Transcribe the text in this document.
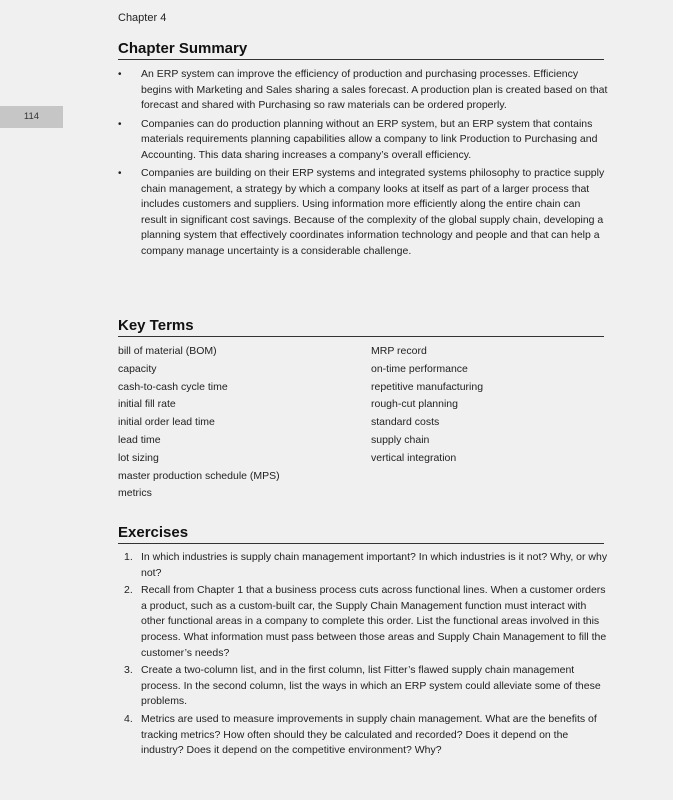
Chapter 4
114
Chapter Summary
• An ERP system can improve the efficiency of production and purchasing processes. Efficiency begins with Marketing and Sales sharing a sales forecast. A production plan is created based on that forecast and shared with Purchasing so raw materials can be ordered properly.
• Companies can do production planning without an ERP system, but an ERP system that contains materials requirements planning capabilities allow a company to link Production to Purchasing and Accounting. This data sharing increases a company’s overall efficiency.
• Companies are building on their ERP systems and integrated systems philosophy to practice supply chain management, a strategy by which a company looks at itself as part of a larger process that includes customers and suppliers. Using information more efficiently along the entire chain can result in significant cost savings. Because of the complexity of the global supply chain, developing a planning system that effectively coordinates information technology and people and that can help a company manage uncertainty is a considerable challenge.
Key Terms
bill of material (BOM)
capacity
cash-to-cash cycle time
initial fill rate
initial order lead time
lead time
lot sizing
master production schedule (MPS)
metrics
MRP record
on-time performance
repetitive manufacturing
rough-cut planning
standard costs
supply chain
vertical integration
Exercises
1. In which industries is supply chain management important? In which industries is it not? Why, or why not?
2. Recall from Chapter 1 that a business process cuts across functional lines. When a customer orders a product, such as a custom-built car, the Supply Chain Management function must interact with other functional areas in a company to complete this order. List the functional areas involved in this process. What information must pass between those areas and Supply Chain Management to fill the customer’s needs?
3. Create a two-column list, and in the first column, list Fitter’s flawed supply chain management process. In the second column, list the ways in which an ERP system could alleviate some of these problems.
4. Metrics are used to measure improvements in supply chain management. What are the benefits of tracking metrics? How often should they be calculated and recorded? Does it depend on the industry? Does it depend on the competitive environment? Why?
